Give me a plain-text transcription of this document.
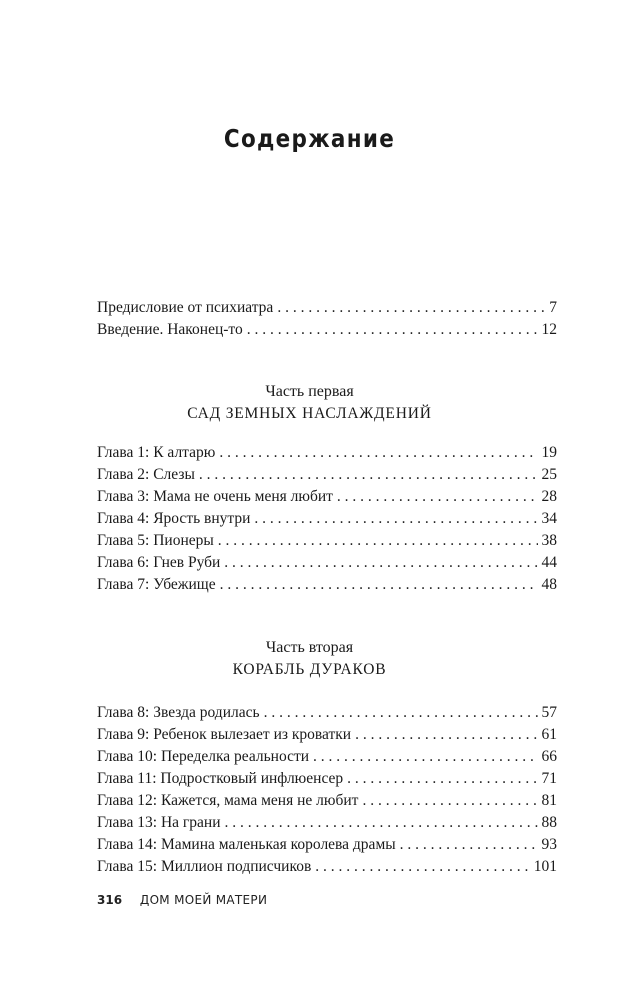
Содержание
Предисловие от психиатра . . .	7
Введение. Наконец-то . . .	12
Часть первая
САД ЗЕМНЫХ НАСЛАЖДЕНИЙ
Глава 1: К алтарю . . .	19
Глава 2: Слезы . . .	25
Глава 3: Мама не очень меня любит . . .	28
Глава 4: Ярость внутри . . .	34
Глава 5: Пионеры . . .	38
Глава 6: Гнев Руби . . .	44
Глава 7: Убежище . . .	48
Часть вторая
КОРАБЛЬ ДУРАКОВ
Глава 8: Звезда родилась . . .	57
Глава 9: Ребенок вылезает из кроватки . . .	61
Глава 10: Переделка реальности . . .	66
Глава 11: Подростковый инфлюенсер . . .	71
Глава 12: Кажется, мама меня не любит . . .	81
Глава 13: На грани . . .	88
Глава 14: Мамина маленькая королева драмы . . .	93
Глава 15: Миллион подписчиков . . .	101
316 ДОМ МОЕЙ МАТЕРИ
